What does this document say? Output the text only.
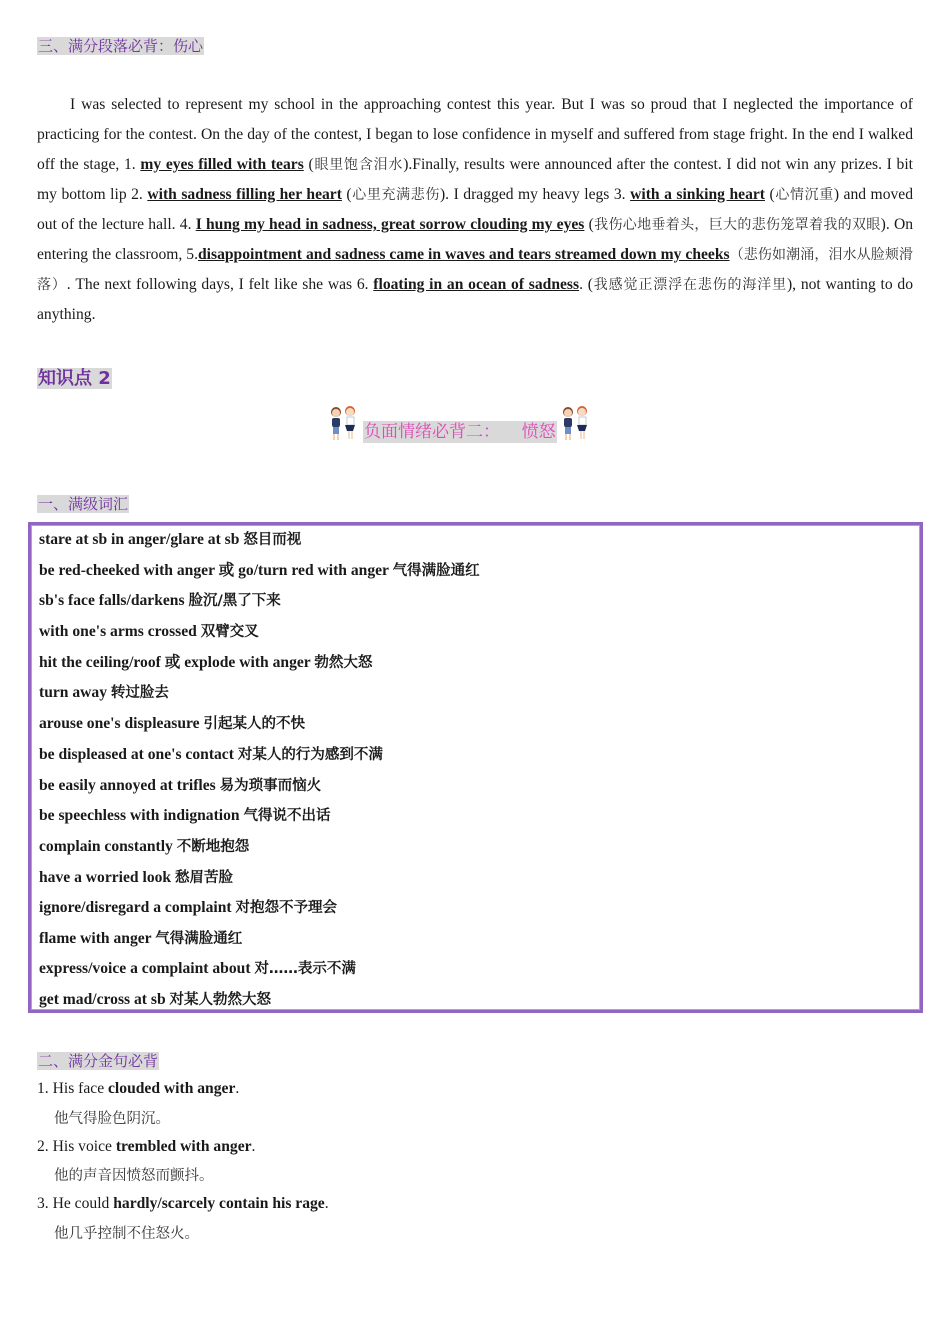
三、满分段落必背：伤心
I was selected to represent my school in the approaching contest this year. But I was so proud that I neglected the importance of practicing for the contest. On the day of the contest, I began to lose confidence in myself and suffered from stage fright. In the end I walked off the stage, 1. my eyes filled with tears (眼里饱含泪水).Finally, results were announced after the contest. I did not win any prizes. I bit my bottom lip 2. with sadness filling her heart (心里充满悲伤). I dragged my heavy legs 3. with a sinking heart (心情沉重) and moved out of the lecture hall. 4. I hung my head in sadness, great sorrow clouding my eyes (我伤心地垂着头，巨大的悲伤笼罩着我的双眼). On entering the classroom, 5.disappointment and sadness came in waves and tears streamed down my cheeks（悲伤如潮涌，泪水从脸颊滑落）. The next following days, I felt like she was 6. floating in an ocean of sadness. (我感觉正漂浮在悲伤的海洋里), not wanting to do anything.
知识点 2
负面情绪必背二：    愤怒
一、满级词汇
stare at sb in anger/glare at sb 怒目而视
be red-cheeked with anger 或 go/turn red with anger 气得满脸通红
sb's face falls/darkens 脸沉/黑了下来
with one's arms crossed 双臂交叉
hit the ceiling/roof 或 explode with anger 勃然大怒
turn away 转过脸去
arouse one's displeasure 引起某人的不快
be displeased at one's contact 对某人的行为感到不满
be easily annoyed at trifles 易为琐事而恼火
be speechless with indignation 气得说不出话
complain constantly 不断地抱怨
have a worried look 愁眉苦脸
ignore/disregard a complaint 对抱怨不予理会
flame with anger 气得满脸通红
express/voice a complaint about 对……表示不满
get mad/cross at sb 对某人勃然大怒
二、满分金句必背
1. His face clouded with anger.
他气得脸色阴沉。
2. His voice trembled with anger.
他的声音因愤怒而颤抖。
3. He could hardly/scarcely contain his rage.
他几乎控制不住怒火。
